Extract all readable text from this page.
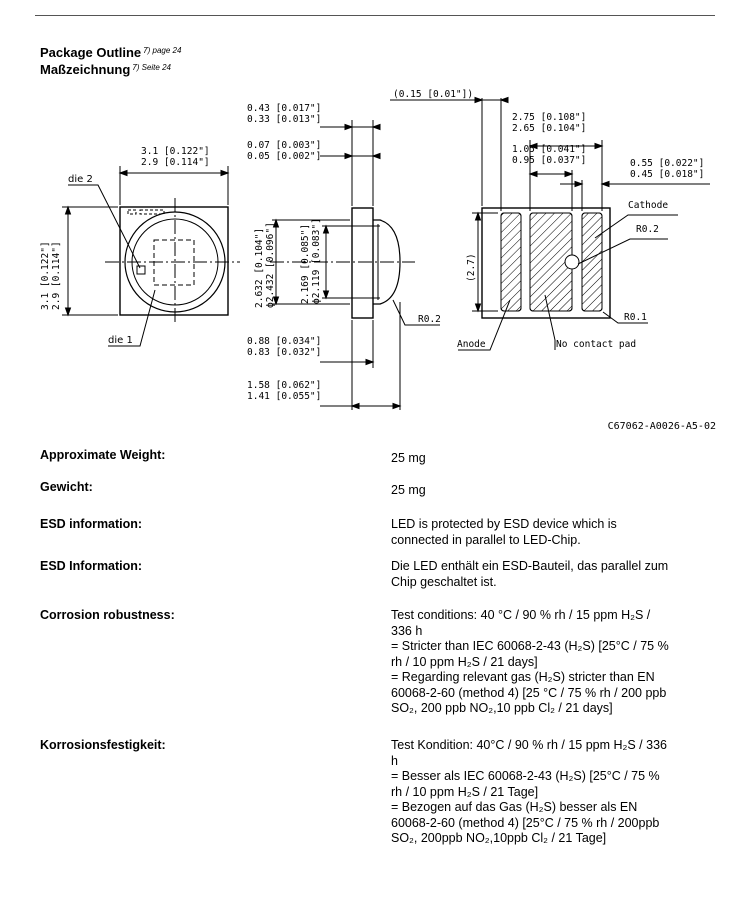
Package Outline $^{7) page 24}$
Maßzeichnung $^{7) Seite 24}$
3.1 [0.122"]
2.9 [0.114"]
3.1 [0.122"] 2.9 [0.114"]
die 2
die 1
0.43 [0.017"]
0.33 [0.013"]
0.07 [0.003"]
0.05 [0.002"]
2.632 [0.104"] ϕ2.432 [0.096"]	2.169 [0.085"] ϕ2.119 [0.083"]
R0.2
0.88 [0.034"]
0.83 [0.032"]
1.58 [0.062"]
1.41 [0.055"]
(0.15 [0.01"])
2.75 [0.108"]
2.65 [0.104"]
1.05 [0.041"]
0.95 [0.037"]	0.55 [0.022"]
0.45 [0.018"]
Cathode
R0.2
(2.7)
R0.1
Anode	No contact pad
C67062-A0026-A5-02
Approximate Weight:	25 mg
Gewicht:	25 mg
ESD information:	LED is protected by ESD device which is
connected in parallel to LED-Chip.
ESD Information:	Die LED enthält ein ESD-Bauteil, das parallel zum
Chip geschaltet ist.
Corrosion robustness:	Test conditions: 40 °C / 90 % rh / 15 ppm H₂S /
336 h
= Stricter than IEC 60068-2-43 (H₂S) [25°C / 75 %
rh / 10 ppm H₂S / 21 days]
= Regarding relevant gas (H₂S) stricter than EN
60068-2-60 (method 4) [25 °C / 75 % rh / 200 ppb
SO₂, 200 ppb NO₂,10 ppb Cl₂ / 21 days]
Korrosionsfestigkeit:	Test Kondition: 40°C / 90 % rh / 15 ppm H₂S / 336
h
= Besser als IEC 60068-2-43 (H₂S) [25°C / 75 %
rh / 10 ppm H₂S / 21 Tage]
= Bezogen auf das Gas (H₂S) besser als EN
60068-2-60 (method 4) [25°C / 75 % rh / 200ppb
SO₂, 200ppb NO₂,10ppb Cl₂ / 21 Tage]
